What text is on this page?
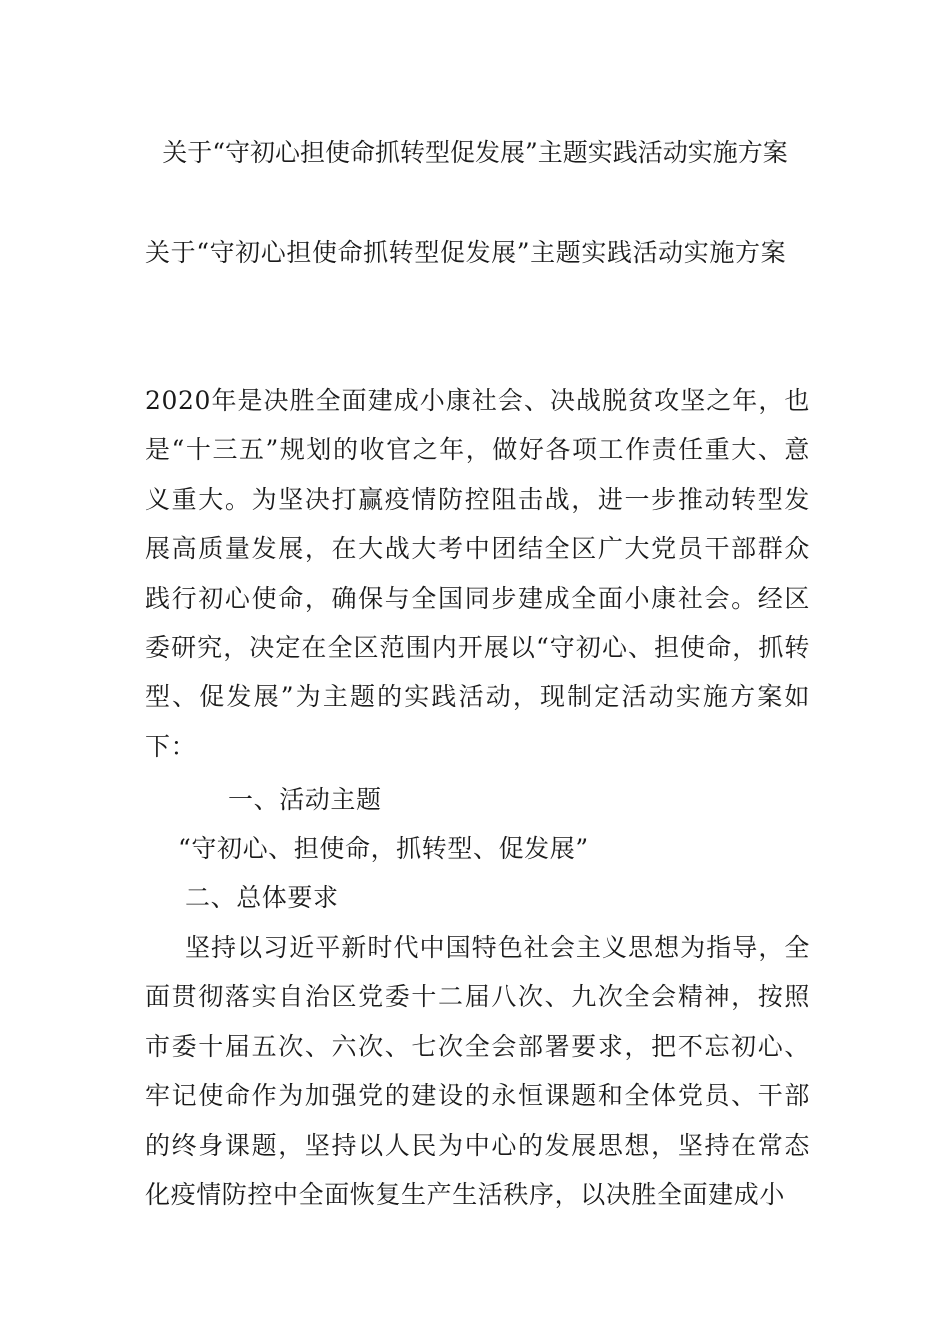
关于“守初心担使命抓转型促发展”主题实践活动实施方案
关于“守初心担使命抓转型促发展”主题实践活动实施方案

2020年是决胜全面建成小康社会、决战脱贫攻坚之年，也是“十三五”规划的收官之年，做好各项工作责任重大、意义重大。为坚决打赢疫情防控阻击战，进一步推动转型发展高质量发展，在大战大考中团结全区广大党员干部群众践行初心使命，确保与全国同步建成全面小康社会。经区委研究，决定在全区范围内开展以“守初心、担使命，抓转型、促发展”为主题的实践活动，现制定活动实施方案如下：

一、活动主题

“守初心、担使命，抓转型、促发展”

二、总体要求

坚持以习近平新时代中国特色社会主义思想为指导，全面贯彻落实自治区党委十二届八次、九次全会精神，按照市委十届五次、六次、七次全会部署要求，把不忘初心、牢记使命作为加强党的建设的永恒课题和全体党员、干部的终身课题，坚持以人民为中心的发展思想，坚持在常态化疫情防控中全面恢复生产生活秩序，以决胜全面建成小
